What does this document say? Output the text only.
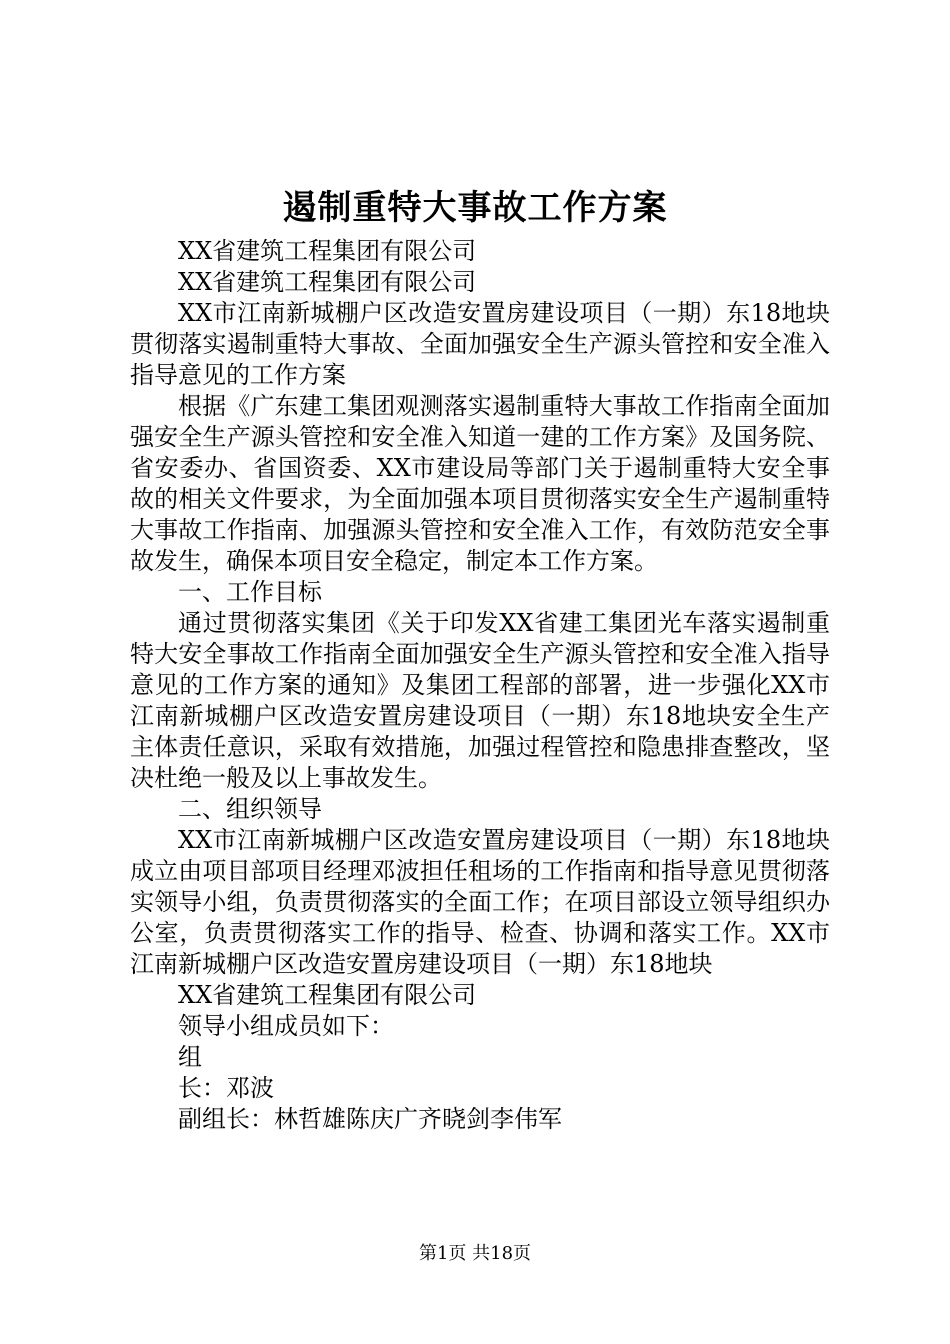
遏制重特大事故工作方案

XX省建筑工程集团有限公司

XX省建筑工程集团有限公司

XX市江南新城棚户区改造安置房建设项目（一期）东18地块贯彻落实遏制重特大事故、全面加强安全生产源头管控和安全准入指导意见的工作方案

根据《广东建工集团观测落实遏制重特大事故工作指南全面加强安全生产源头管控和安全准入知道一建的工作方案》及国务院、省安委办、省国资委、XX市建设局等部门关于遏制重特大安全事故的相关文件要求，为全面加强本项目贯彻落实安全生产遏制重特大事故工作指南、加强源头管控和安全准入工作，有效防范安全事故发生，确保本项目安全稳定，制定本工作方案。

一、工作目标

通过贯彻落实集团《关于印发XX省建工集团光车落实遏制重特大安全事故工作指南全面加强安全生产源头管控和安全准入指导意见的工作方案的通知》及集团工程部的部署，进一步强化XX市江南新城棚户区改造安置房建设项目（一期）东18地块安全生产主体责任意识，采取有效措施，加强过程管控和隐患排查整改，坚决杜绝一般及以上事故发生。

二、组织领导

XX市江南新城棚户区改造安置房建设项目（一期）东18地块成立由项目部项目经理邓波担任租场的工作指南和指导意见贯彻落实领导小组，负责贯彻落实的全面工作；在项目部设立领导组织办公室，负责贯彻落实工作的指导、检查、协调和落实工作。XX市江南新城棚户区改造安置房建设项目（一期）东18地块

XX省建筑工程集团有限公司

领导小组成员如下：

组

长：邓波

副组长：林哲雄陈庆广齐晓剑李伟军

第1页 共18页
